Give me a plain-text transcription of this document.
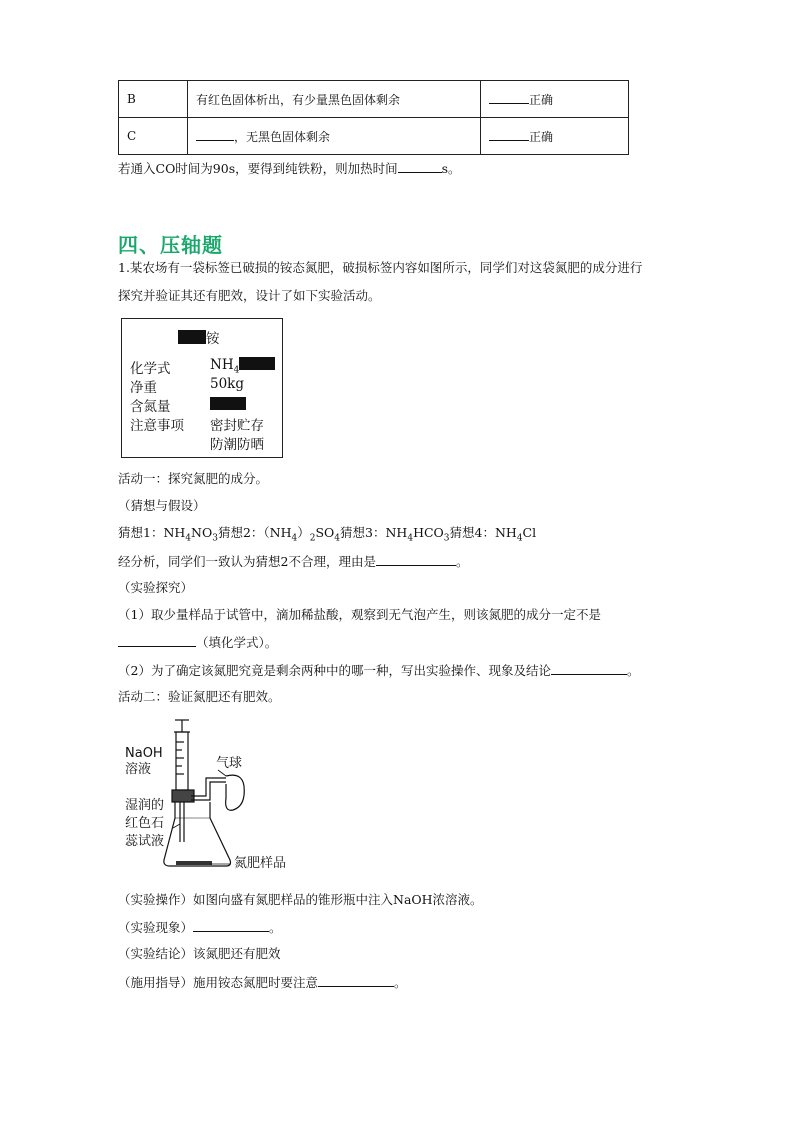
B	有红色固体析出，有少量黑色固体剩余	正确
C	，无黑色固体剩余	正确
若通入CO时间为90s，要得到纯铁粉，则加热时间	s。
四、压轴题
1.某农场有一袋标签已破损的铵态氮肥，破损标签内容如图所示，同学们对这袋氮肥的成分进行
探究并验证其还有肥效，设计了如下实验活动。
铵
化学式	$NH_4$
净重	50kg
含氮量
注意事项 密封贮存
防潮防晒
活动一：探究氮肥的成分。
（猜想与假设）
猜想1：$NH_4NO_3$猜想2：$(NH_4)_2SO_4$猜想3：$NH_4HCO_3$猜想4：$NH_4Cl$
经分析，同学们一致认为猜想2不合理，理由是	。
（实验探究）
（1）取少量样品于试管中，滴加稀盐酸，观察到无气泡产生，则该氮肥的成分一定不是
（填化学式）。
（2）为了确定该氮肥究竟是剩余两种中的哪一种，写出实验操作、现象及结论	。
活动二：验证氮肥还有肥效。
NaOH
溶液	气球
湿润的
红色石
蕊试液
氮肥样品
（实验操作）如图向盛有氮肥样品的锥形瓶中注入NaOH浓溶液。
（实验现象）	。
（实验结论）该氮肥还有肥效
（施用指导）施用铵态氮肥时要注意	。
